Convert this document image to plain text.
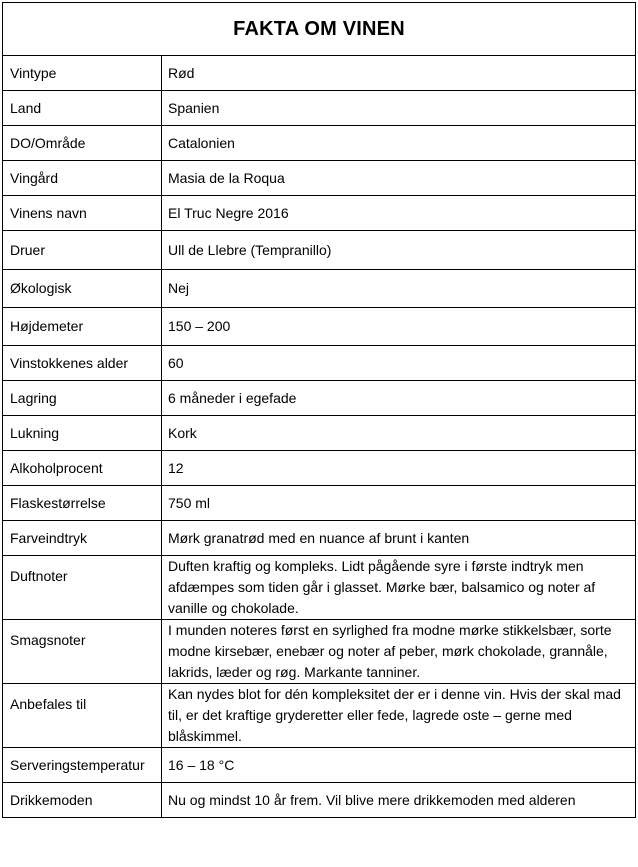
FAKTA OM VINEN	
Vintype	Rød
Land	Spanien
DO/Område	Catalonien
Vingård	Masia de la Roqua
Vinens navn	El Truc Negre 2016
Druer	Ull de Llebre (Tempranillo)
Økologisk	Nej
Højdemeter	150 – 200
Vinstokkenes alder	60
Lagring	6 måneder i egefade
Lukning	Kork
Alkoholprocent	12
Flaskestørrelse	750 ml
Farveindtryk	Mørk granatrød med en nuance af brunt i kanten
Duftnoter	Duften kraftig og kompleks. Lidt pågående syre i første indtryk men afdæmpes som tiden går i glasset. Mørke bær, balsamico og noter af vanille og chokolade.
Smagsnoter	I munden noteres først en syrlighed fra modne mørke stikkelsbær, sorte modne kirsebær, enebær og noter af peber, mørk chokolade, grannåle, lakrids, læder og røg. Markante tanniner.
Anbefales til	Kan nydes blot for dén kompleksitet der er i denne vin. Hvis der skal mad til, er det kraftige gryderetter eller fede, lagrede oste – gerne med blåskimmel.
Serveringstemperatur	16 – 18 °C
Drikkemoden	Nu og mindst 10 år frem. Vil blive mere drikkemoden med alderen
